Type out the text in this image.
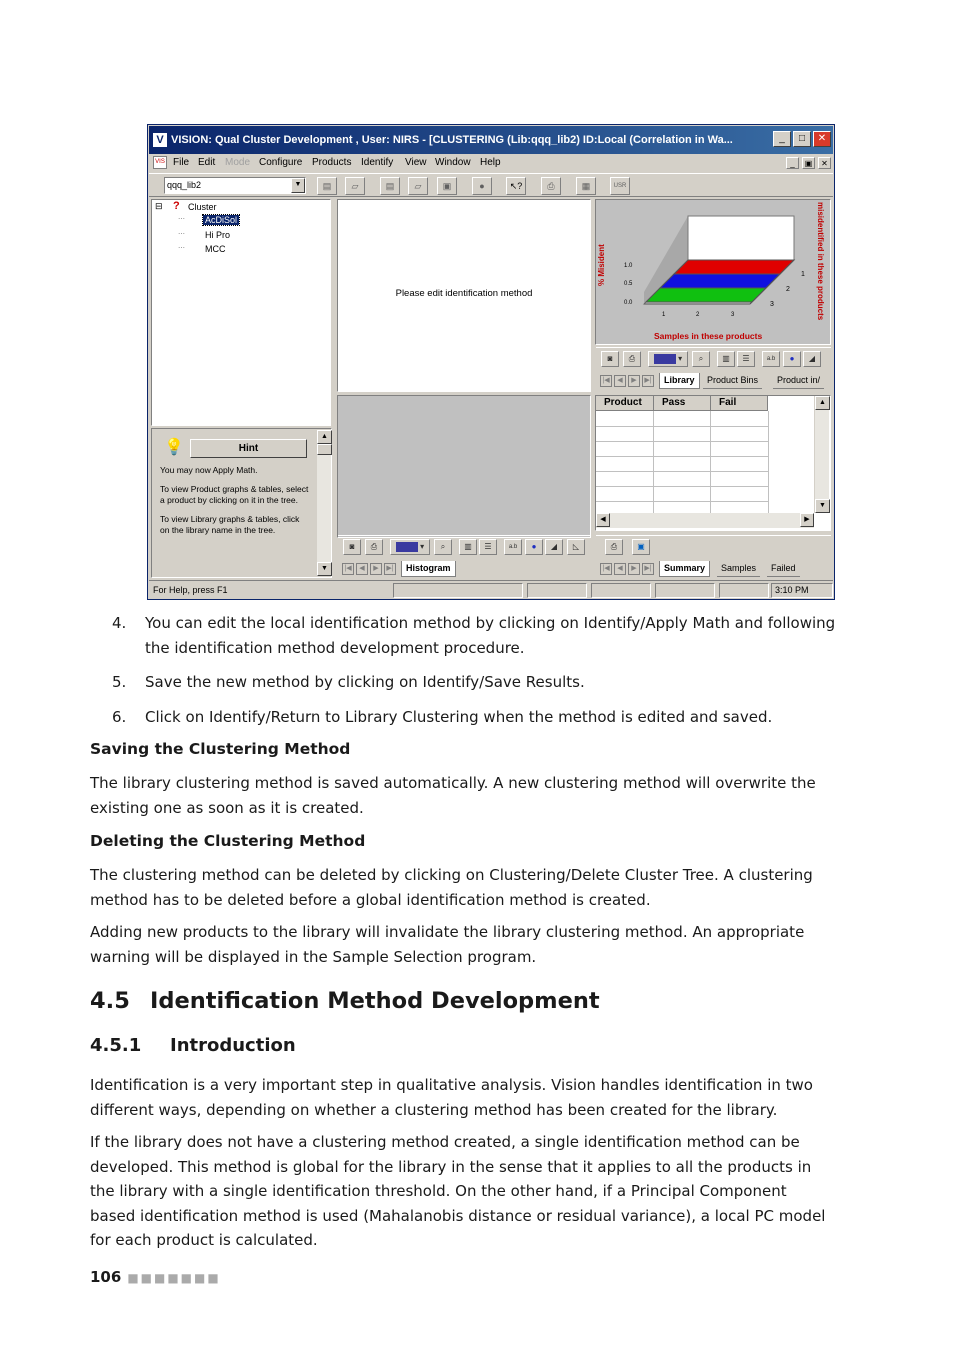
V VISION: Qual Cluster Development , User: NIRS - [CLUSTERING (Lib:qqq_lib2) ID:Local (Correlation in Wa...	_	□	✕
VIS File Edit Mode Configure Products Identify View Window Help	_	▣	✕
qqq_lib2	▼	▤	▱	▤	▱	▣	●	↖?	⎙	▦	USR
⊟ ? Cluster
⋯ AcDiSol
⋯ Hi Pro
⋯ MCC
💡	Hint

You may now Apply Math.

To view Product graphs & tables, select a product by clicking on it in the tree.

To view Library graphs & tables, click on the library name in the tree.

▲
▼
Please edit identification method
◙	⎙	▾	⌕	▥	☰	a.b	●	◢	◺
|◀	◀	▶	▶|	Histogram
% Misident	misidentified in these products
Samples in these products
1.0
0.5
0.0
1	2	3
1
2
3
◙	⎙	▾	⌕	▥	☰	a.b	●	◢
|◀	◀	▶	▶|	Library	Product Bins	Product in/
Product	Pass	Fail	▲
▼
◀	▶
⎙	▣
|◀	◀	▶	▶|	Summary	Samples	Failed
For Help, press F1	3:10 PM
4. You can edit the local identification method by clicking on Identify/Apply Math and following the identification method development procedure.
5. Save the new method by clicking on Identify/Save Results.
6. Click on Identify/Return to Library Clustering when the method is edited and saved.
Saving the Clustering Method
The library clustering method is saved automatically. A new clustering method will overwrite the existing one as soon as it is created.
Deleting the Clustering Method
The clustering method can be deleted by clicking on Clustering/Delete Cluster Tree. A clustering method has to be deleted before a global identification method is created.
Adding new products to the library will invalidate the library clustering method. An appropriate warning will be displayed in the Sample Selection program.
4.5 Identification Method Development
4.5.1 Introduction
Identification is a very important step in qualitative analysis. Vision handles identification in two different ways, depending on whether a clustering method has been created for the library.
If the library does not have a clustering method created, a single identification method can be developed. This method is global for the library in the sense that it applies to all the products in the library with a single identification threshold. On the other hand, if a Principal Component based identification method is used (Mahalanobis distance or residual variance), a local PC model for each product is calculated.
106 ■■■■■■■
